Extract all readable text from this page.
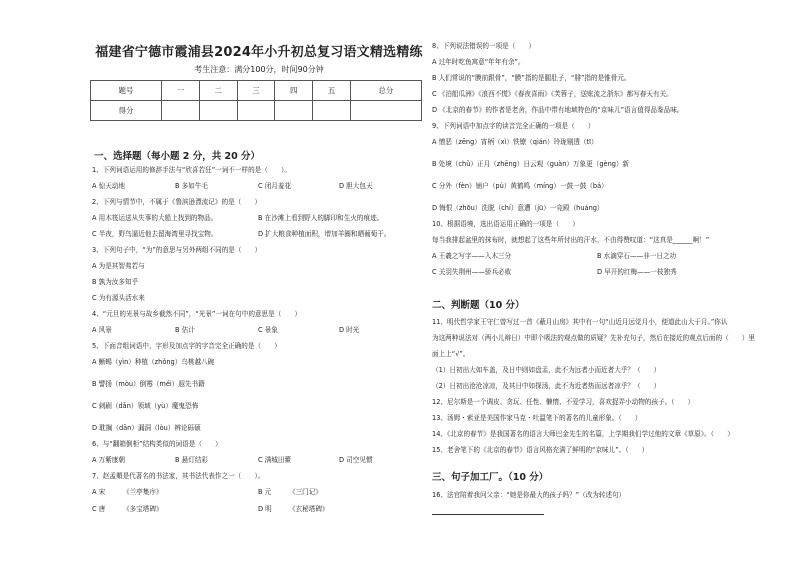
福建省宁德市霞浦县2024年小升初总复习语文精选精练
考生注意：满分100分，时间90分钟
题号	一	二	三	四	五	总分
得分						
一、选择题（每小题 2 分，共 20 分）
1、下列词语运用的修辞手法与“欣喜若狂”一词不一样的是（　　）。
A 惊天动地	B 多如牛毛	C 闭月羞花	D 胆大包天
2、下列与情节中，不属于《鲁滨逊漂流记》的是（　　）
A 用木筏运送从失事的大船上找到的物品。	B 在沙滩上看到野人的脚印和生火的痕迹。
C 半夜，野鸟逼近他去留海湾里寻找宝物。	D 扩大粮食种植面积，增加羊圈和晒葡萄干。
3、下列句子中，“为”的意思与另外两组不同的是（　　）
A 为是其智弗若与
B 孰为汝多知乎
C 为有源头活水来
4、“元旦的光景与故乡截然不同”，“光景”一词在句中的意思是（　　）
A 风景	B 估计	C 景象	D 时光
5、下面音组词语中，字形及加点字的字音完全正确的是（　　）
A 蜥蜴（yìn）种植（zhǒng）乌桃越八碗
B 譬扬（mòu）倒霉（méi）遐先书籍
C 刺刷（dǎn）领域（yù）魔鬼恐怖
D 耽搁（dān）漏洞（lòu）辨论砾硕
6、与“翻箱倒柜”结构类似的词语是（　　）
A 万紫康朝	B 悬灯结彩	C 满城田藿	D 司空见惯
7、赵孟頫是代著名的书法家，其书法代表作之一（　　）。
A 宋	《兰亭集序》	B 元	《三门记》
C 唐	《多宝塔碑》	D 明	《玄秘塔碑》
8、下列说法错误的一项是（　　）
A 过年时吃鱼寓意“年年有余”。
B 人们常说的“膜前跟骨”，“膜”指的是腿肚子，“腓”指的是锥骨元。
C 《泊船瓜洲》《浪西不慌》《春夜喜雨》《芙蓉子，送账流之浙东》都写春天有关。
D 《北京的春节》的作者是老舍，作品中带有地域特色的“京味儿”语言值得品鉴品味。
9、下列词语中加点字的读音完全正确的一项是（　　）
A 憎恶（zēng）宵柄（xì）铁镣（qián）玲珑剔透（tī）
B 处境（chǔ）正月（zhēng）日云观（guàn）万象更（gèng）新
C 分外（fèn）铺户（pù）黄鹤鸣（míng）一鼓一鼓（bá）
D 悔恨（zhōu）洗脱（chí）意遭（jū）一竞殿（huáng）
10、根据语境，选出语运用正确的一项是（　　）
每当我排起盆里的抹布时，就想起了这些年所付出的汗水，不由得赞叹道：“这真是______啊！”
A 王羲之写字——入木三分	B 水滴穿石——非一日之功
C 关羽失荆州——骄兵必败	D 早开的红梅——一枝独秀
二、判断题（10 分）
11、明代哲学家王守仁曾写过一首《蔽月山房》其中有一句“山近月远觉月小，便道此山大于月。”你认
为这两种说法对（两小儿辩日）中即个吸法的观点做的质疑？先补充句子，然后在接近的观点后面的（　　）里
面上上“√”。
（1）日初出大如车盖，及日中则如盘盂，此不为远者小而近者大乎？（　　）
（2）日初出沧沧凉凉，及其日中如探汤，此不为近者热而远者凉乎？（　　）
12、尼尔斯是一个调皮、贪玩、任性、懒惰、不爱学习，喜欢捉弄小动物的孩子。（　　）
13、汤姆・索亚是美国作家马克・吐温笔下的著名的儿童形象。（　　）
14、《北京的春节》是我国著名的语言大师巴金先生的名篇，上学期我们学过他的文章《草原》。（　　）
15、老舍笔下的《北京的春节》语言风格充满了鲜明的“京味儿”。（　　）
三、句子加工厂。（10 分）
16、法官陪着我问父亲：“她是你最大的孩子吗？”（改为转述句）
